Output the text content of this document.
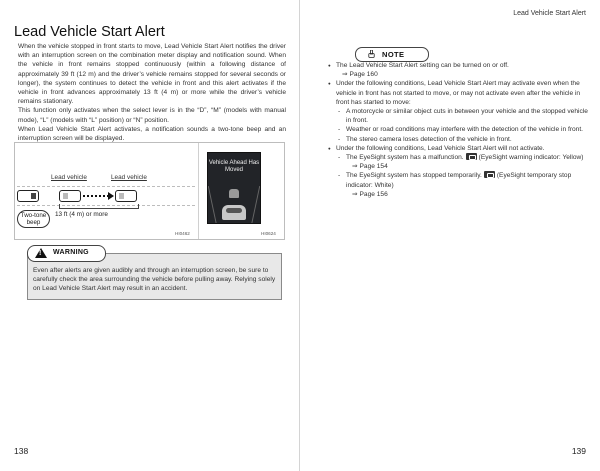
Lead Vehicle Start Alert
Lead Vehicle Start Alert

When the vehicle stopped in front starts to move, Lead Vehicle Start Alert notifies the driver with an interruption screen on the combination meter display and notification sound. When the vehicle in front remains stopped continuously (within a following distance of approximately 39 ft (12 m) and the driver’s vehicle remains stopped for several seconds or longer), the system continues to detect the vehicle in front and this alert activates if the vehicle in front advances approximately 13 ft (4 m) or more while the driver’s vehicle remains stationary.

This function only activates when the select lever is in the “D”, “M” (models with manual mode), “L” (models with “L” position) or “N” position.

When Lead Vehicle Start Alert activates, a notification sounds a two-tone beep and an interruption screen will be displayed.

Lead vehicle	Lead vehicle
Two-tone beep
13 ft (4 m) or more
HI0462	HI0624
Vehicle Ahead Has Moved
!
WARNING
Even after alerts are given audibly and through an interruption screen, be sure to carefully check the area surrounding the vehicle before pulling away. Relying solely on Lead Vehicle Start Alert may result in an accident.
138
NOTE
● The Lead Vehicle Start Alert setting can be turned on or off.
⇒ Page 160
● Under the following conditions, Lead Vehicle Start Alert may activate even when the vehicle in front has not started to move, or may not activate even after the vehicle in front has started to move:
- A motorcycle or similar object cuts in between your vehicle and the stopped vehicle in front.
- Weather or road conditions may interfere with the detection of the vehicle in front.
- The stereo camera loses detection of the vehicle in front.
● Under the following conditions, Lead Vehicle Start Alert will not activate.
- The EyeSight system has a malfunction. (EyeSight warning indicator: Yellow)
⇒ Page 154
- The EyeSight system has stopped temporarily. (EyeSight temporary stop indicator: White)
⇒ Page 156
139
